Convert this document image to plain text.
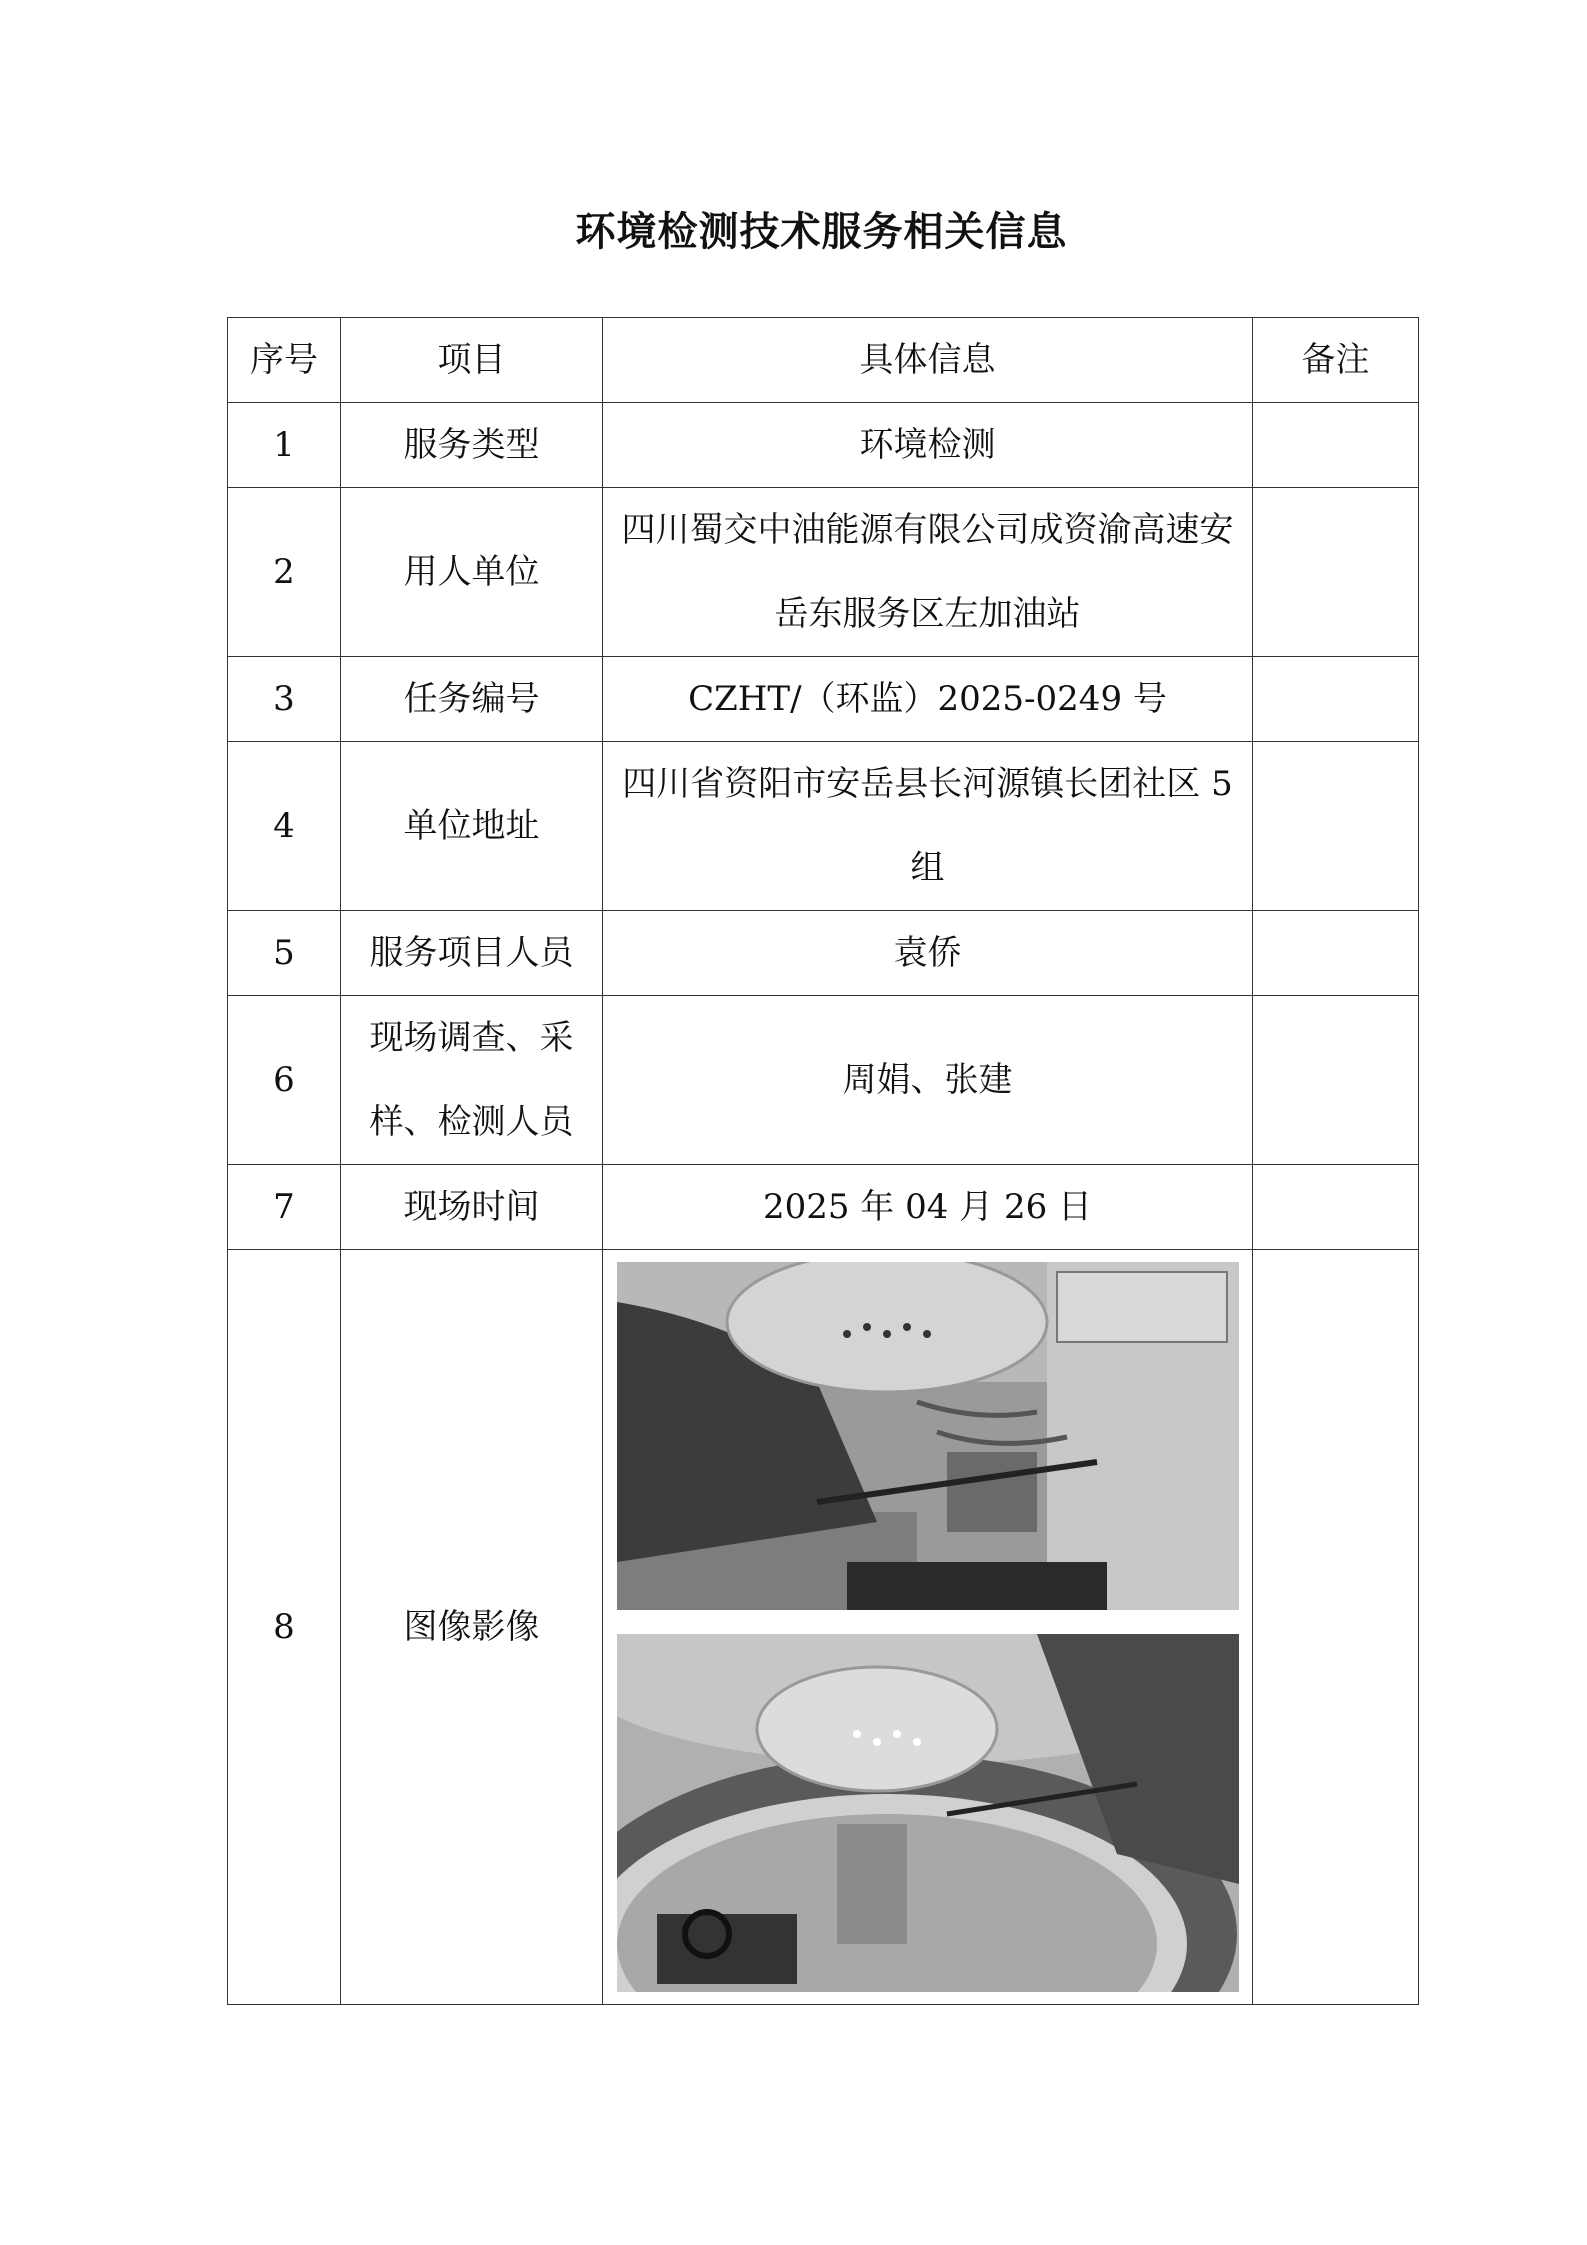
环境检测技术服务相关信息
序号	项目	具体信息	备注
1	服务类型	环境检测	
2	用人单位	四川蜀交中油能源有限公司成资渝高速安岳东服务区左加油站	
3	任务编号	CZHT/（环监）2025-0249 号	
4	单位地址	四川省资阳市安岳县长河源镇长团社区 5 组	
5	服务项目人员	袁侨	
6	现场调查、采样、检测人员	周娟、张建	
7	现场时间	2025 年 04 月 26 日	
8	图像影像	
